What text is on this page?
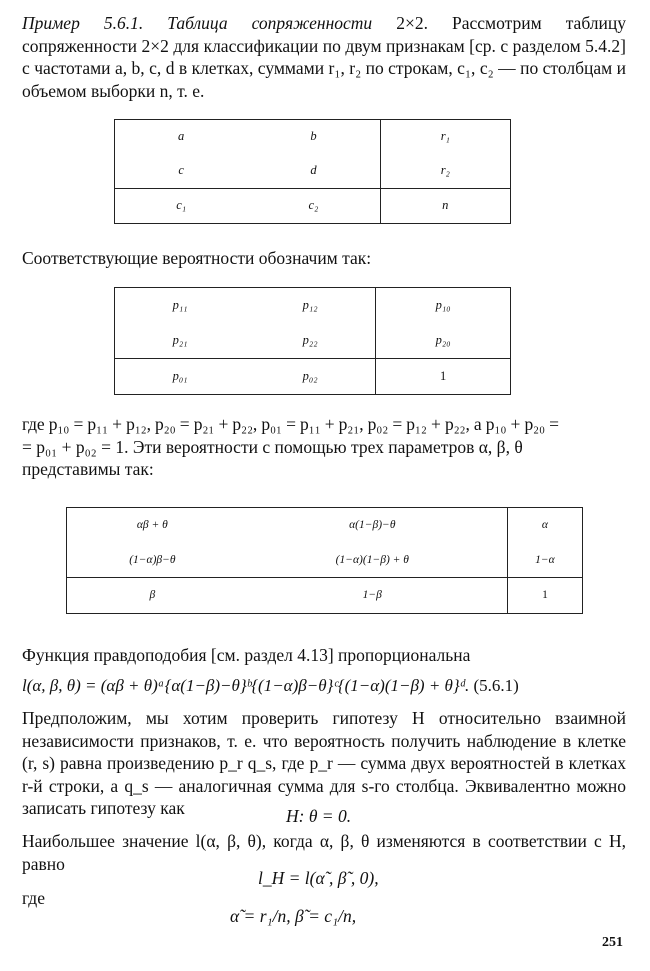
Пример 5.6.1. Таблица сопряженности 2×2. Рассмотрим таблицу сопряженности 2×2 для классификации по двум признакам [ср. с разделом 5.4.2] с частотами a, b, c, d в клетках, суммами r₁, r₂ по строкам, c₁, c₂ — по столбцам и объемом выборки n, т. е.
a	b	r₁
c	d	r₂
c₁	c₂	n
Соответствующие вероятности обозначим так:
p₁₁	p₁₂	p₁₀
p₂₁	p₂₂	p₂₀
p₀₁	p₀₂	1
где p₁₀ = p₁₁ + p₁₂, p₂₀ = p₂₁ + p₂₂, p₀₁ = p₁₁ + p₂₁, p₀₂ = p₁₂ + p₂₂, а p₁₀ + p₂₀ =
= p₀₁ + p₀₂ = 1. Эти вероятности с помощью трех параметров α, β, θ
представимы так:
αβ + θ	α(1−β)−θ	α
(1−α)β−θ	(1−α)(1−β) + θ	1−α
β	1−β	1
Функция правдоподобия [см. раздел 4.13] пропорциональна
l(α, β, θ) = (αβ + θ)ᵃ{α(1−β)−θ}ᵇ{(1−α)β−θ}ᶜ{(1−α)(1−β) + θ}ᵈ. (5.6.1)
Предположим, мы хотим проверить гипотезу H относительно взаимной независимости признаков, т. е. что вероятность получить наблюдение в клетке (r, s) равна произведению p_r q_s, где p_r — сумма двух вероятностей в клетках r-й строки, а q_s — аналогичная сумма для s-го столбца. Эквивалентно можно записать гипотезу как	H: θ = 0.
Наибольшее значение l(α, β, θ), когда α, β, θ изменяются в соответствии с H, равно
l_H = l(α̃ , β̃ , 0),
где
α̃ = r₁/n, β̃ = c₁/n,
251
